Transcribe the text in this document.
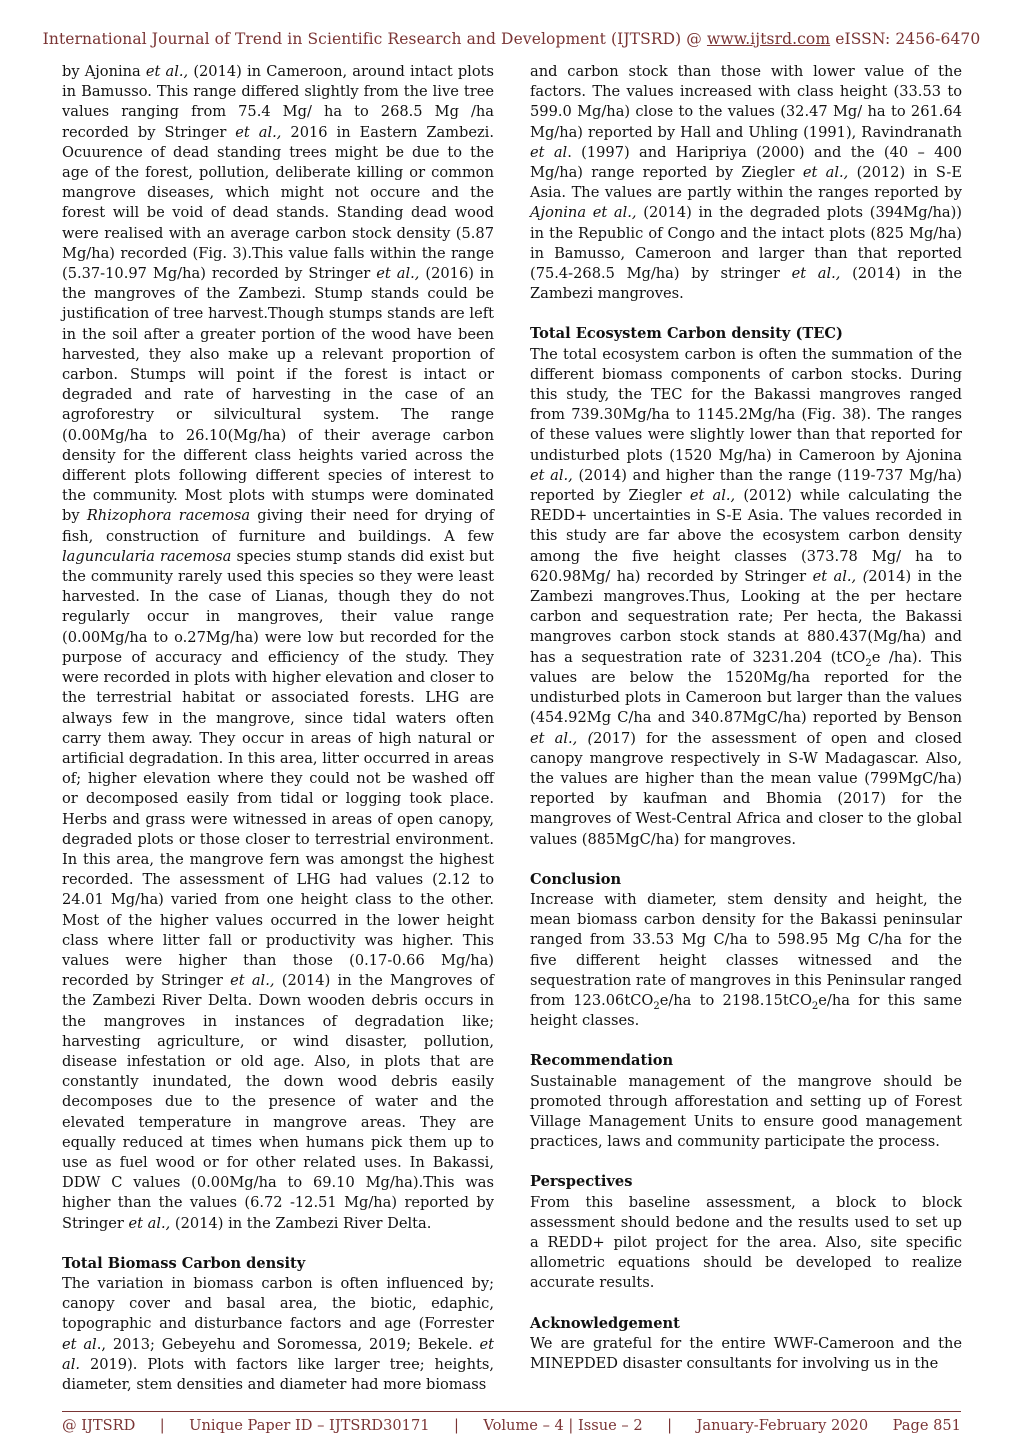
International Journal of Trend in Scientific Research and Development (IJTSRD) @ www.ijtsrd.com eISSN: 2456-6470

by Ajonina et al., (2014) in Cameroon, around intact plots in Bamusso. This range differed slightly from the live tree values ranging from 75.4 Mg/ ha to 268.5 Mg /ha recorded by Stringer et al., 2016 in Eastern Zambezi. Ocuurence of dead standing trees might be due to the age of the forest, pollution, deliberate killing or common mangrove diseases, which might not occure and the forest will be void of dead stands. Standing dead wood were realised with an average carbon stock density (5.87 Mg/ha) recorded (Fig. 3).This value falls within the range (5.37-10.97 Mg/ha) recorded by Stringer et al., (2016) in the mangroves of the Zambezi. Stump stands could be justification of tree harvest.Though stumps stands are left in the soil after a greater portion of the wood have been harvested, they also make up a relevant proportion of carbon. Stumps will point if the forest is intact or degraded and rate of harvesting in the case of an agroforestry or silvicultural system. The range (0.00Mg/ha to 26.10(Mg/ha) of their average carbon density for the different class heights varied across the different plots following different species of interest to the community. Most plots with stumps were dominated by Rhizophora racemosa giving their need for drying of fish, construction of furniture and buildings. A few laguncularia racemosa species stump stands did exist but the community rarely used this species so they were least harvested. In the case of Lianas, though they do not regularly occur in mangroves, their value range (0.00Mg/ha to o.27Mg/ha) were low but recorded for the purpose of accuracy and efficiency of the study. They were recorded in plots with higher elevation and closer to the terrestrial habitat or associated forests. LHG are always few in the mangrove, since tidal waters often carry them away. They occur in areas of high natural or artificial degradation. In this area, litter occurred in areas of; higher elevation where they could not be washed off or decomposed easily from tidal or logging took place. Herbs and grass were witnessed in areas of open canopy, degraded plots or those closer to terrestrial environment. In this area, the mangrove fern was amongst the highest recorded. The assessment of LHG had values (2.12 to 24.01 Mg/ha) varied from one height class to the other. Most of the higher values occurred in the lower height class where litter fall or productivity was higher. This values were higher than those (0.17-0.66 Mg/ha) recorded by Stringer et al., (2014) in the Mangroves of the Zambezi River Delta. Down wooden debris occurs in the mangroves in instances of degradation like; harvesting agriculture, or wind disaster, pollution, disease infestation or old age. Also, in plots that are constantly inundated, the down wood debris easily decomposes due to the presence of water and the elevated temperature in mangrove areas. They are equally reduced at times when humans pick them up to use as fuel wood or for other related uses. In Bakassi, DDW C values (0.00Mg/ha to 69.10 Mg/ha).This was higher than the values (6.72 -12.51 Mg/ha) reported by Stringer et al., (2014) in the Zambezi River Delta.

Total Biomass Carbon density

The variation in biomass carbon is often influenced by; canopy cover and basal area, the biotic, edaphic, topographic and disturbance factors and age (Forrester et al., 2013; Gebeyehu and Soromessa, 2019; Bekele. et al. 2019). Plots with factors like larger tree; heights, diameter, stem densities and diameter had more biomass

and carbon stock than those with lower value of the factors. The values increased with class height (33.53 to 599.0 Mg/ha) close to the values (32.47 Mg/ ha to 261.64 Mg/ha) reported by Hall and Uhling (1991), Ravindranath et al. (1997) and Haripriya (2000) and the (40 – 400 Mg/ha) range reported by Ziegler et al., (2012) in S-E Asia. The values are partly within the ranges reported by Ajonina et al., (2014) in the degraded plots (394Mg/ha)) in the Republic of Congo and the intact plots (825 Mg/ha) in Bamusso, Cameroon and larger than that reported (75.4-268.5 Mg/ha) by stringer et al., (2014) in the Zambezi mangroves.

Total Ecosystem Carbon density (TEC)

The total ecosystem carbon is often the summation of the different biomass components of carbon stocks. During this study, the TEC for the Bakassi mangroves ranged from 739.30Mg/ha to 1145.2Mg/ha (Fig. 38). The ranges of these values were slightly lower than that reported for undisturbed plots (1520 Mg/ha) in Cameroon by Ajonina et al., (2014) and higher than the range (119-737 Mg/ha) reported by Ziegler et al., (2012) while calculating the REDD+ uncertainties in S-E Asia. The values recorded in this study are far above the ecosystem carbon density among the five height classes (373.78 Mg/ ha to 620.98Mg/ ha) recorded by Stringer et al., (2014) in the Zambezi mangroves.Thus, Looking at the per hectare carbon and sequestration rate; Per hecta, the Bakassi mangroves carbon stock stands at 880.437(Mg/ha) and has a sequestration rate of 3231.204 (tCO$_2$e /ha). This values are below the 1520Mg/ha reported for the undisturbed plots in Cameroon but larger than the values (454.92Mg C/ha and 340.87MgC/ha) reported by Benson et al., (2017) for the assessment of open and closed canopy mangrove respectively in S-W Madagascar. Also, the values are higher than the mean value (799MgC/ha) reported by kaufman and Bhomia (2017) for the mangroves of West-Central Africa and closer to the global values (885MgC/ha) for mangroves.

Conclusion

Increase with diameter, stem density and height, the mean biomass carbon density for the Bakassi peninsular ranged from 33.53 Mg C/ha to 598.95 Mg C/ha for the five different height classes witnessed and the sequestration rate of mangroves in this Peninsular ranged from 123.06tCO$_2$e/ha to 2198.15tCO$_2$e/ha for this same height classes.

Recommendation

Sustainable management of the mangrove should be promoted through afforestation and setting up of Forest Village Management Units to ensure good management practices, laws and community participate the process.

Perspectives

From this baseline assessment, a block to block assessment should bedone and the results used to set up a REDD+ pilot project for the area. Also, site specific allometric equations should be developed to realize accurate results.

Acknowledgement

We are grateful for the entire WWF-Cameroon and the MINEPDED disaster consultants for involving us in the

@ IJTSRD | Unique Paper ID – IJTSRD30171 | Volume – 4 | Issue – 2 | January-February 2020 Page 851
